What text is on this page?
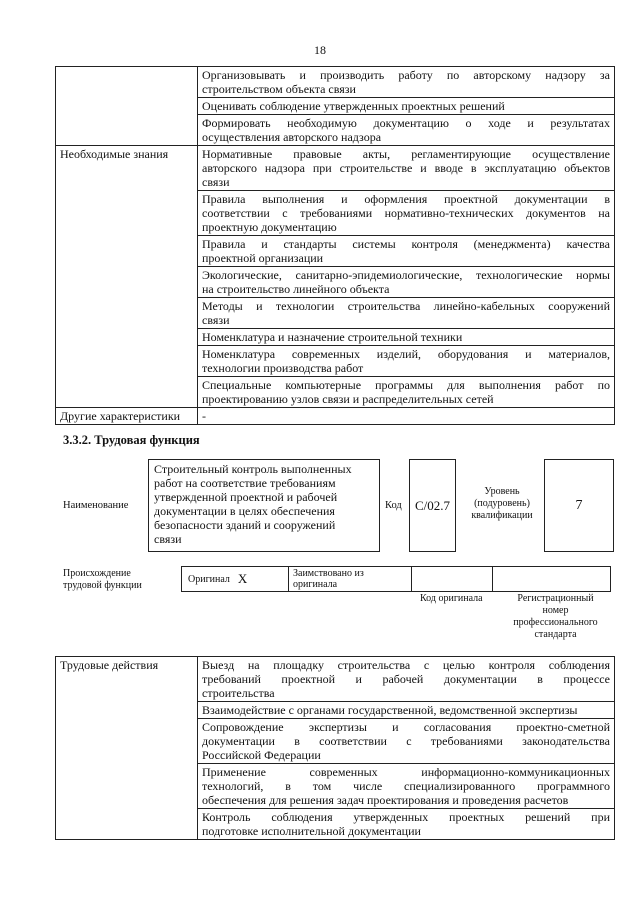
18

	Организовывать и производить работу по авторскому надзору за
строительством объекта связи

	Оценивать соблюдение утвержденных проектных решений

	Формировать необходимую документацию о ходе и результатах
осуществления авторского надзора

Необходимые знания	Нормативные правовые акты, регламентирующие осуществление
авторского надзора при строительстве и вводе в эксплуатацию объектов
связи

	Правила выполнения и оформления проектной документации в
соответствии с требованиями нормативно-технических документов на
проектную документацию

	Правила и стандарты системы контроля (менеджмента) качества
проектной организации

	Экологические, санитарно-эпидемиологические, технологические нормы
на строительство линейного объекта

	Методы и технологии строительства линейно-кабельных сооружений
связи

	Номенклатура и назначение строительной техники

	Номенклатура современных изделий, оборудования и материалов,
технологии производства работ

	Специальные компьютерные программы для выполнения работ по
проектированию узлов связи и распределительных сетей

Другие характеристики	-
3.3.2. Трудовая функция
Наименование
Строительный контроль выполненных
работ на соответствие требованиям
утвержденной проектной и рабочей
документации в целях обеспечения
безопасности зданий и сооружений
связи
Код С/02.7
Уровень
(подуровень)
квалификации
7
Происхождение
трудовой функции
Оригинал X	Заимствовано из
оригинала
Код оригинала	Регистрационный
номер
профессионального
стандарта
Трудовые действия	Выезд на площадку строительства с целью контроля соблюдения
требований проектной и рабочей документации в процессе
строительства

Взаимодействие с органами государственной, ведомственной экспертизы

Сопровождение экспертизы и согласования проектно-сметной
документации в соответствии с требованиями законодательства
Российской Федерации

Применение современных информационно-коммуникационных
технологий, в том числе специализированного программного
обеспечения для решения задач проектирования и проведения расчетов

Контроль соблюдения утвержденных проектных решений при
подготовке исполнительной документации
